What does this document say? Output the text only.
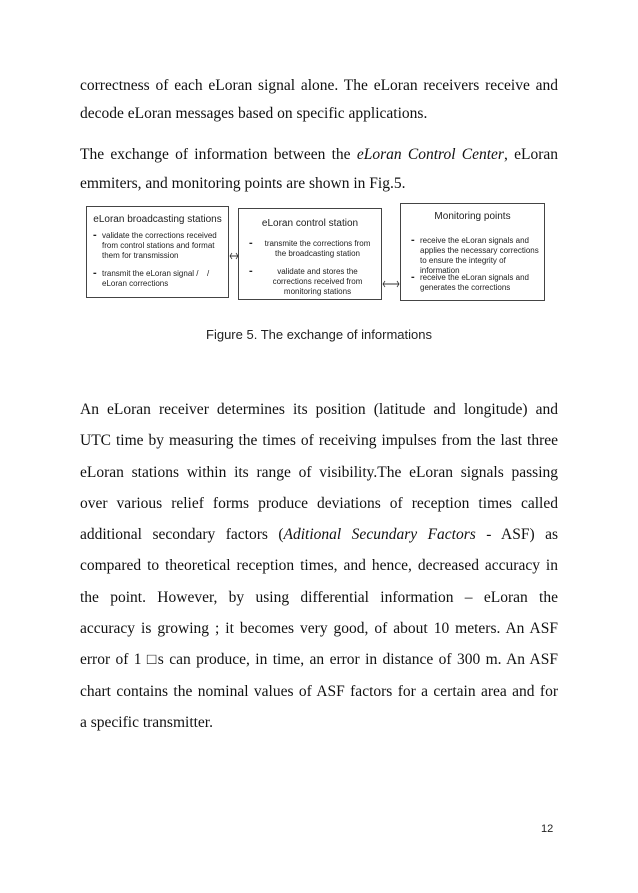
correctness of each eLoran signal alone. The eLoran receivers receive and
decode eLoran messages based on specific applications.
The exchange of information between the eLoran Control Center, eLoran
emmiters, and monitoring points are shown in Fig.5.
eLoran broadcasting stations
- validate the corrections received from control stations and format them for transmission
- transmit the eLoran signal / /

eLoran corrections
eLoran control station
-	transmite the corrections from the broadcasting station
-	validate and stores the corrections received from monitoring stations
Monitoring points
- receive the eLoran signals and applies the necessary corrections to ensure the integrity of information
- receive the eLoran signals and generates the corrections
Figure 5. The exchange of informations
An eLoran receiver determines its position (latitude and longitude) and
UTC time by measuring the times of receiving impulses from the last three
eLoran stations within its range of visibility.The eLoran signals passing
over various relief forms produce deviations of reception times called
additional secondary factors (Aditional Secundary Factors - ASF) as
compared to theoretical reception times, and hence, decreased accuracy in
the point. However, by using differential information – eLoran the
accuracy is growing ; it becomes very good, of about 10 meters. An ASF
error of 1 □s can produce, in time, an error in distance of 300 m. An ASF
chart contains the nominal values of ASF factors for a certain area and for
a specific transmitter.
12
